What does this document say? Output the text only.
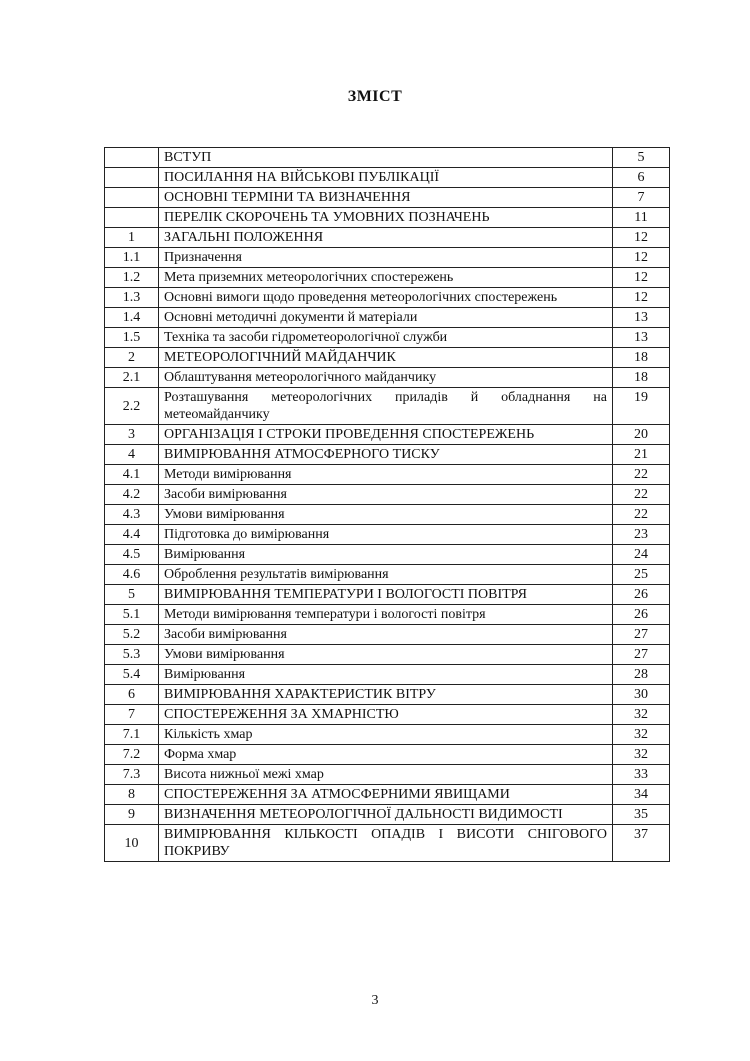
ЗМІСТ
	ВСТУП	5
	ПОСИЛАННЯ НА ВІЙСЬКОВІ ПУБЛІКАЦІЇ	6
	ОСНОВНІ ТЕРМІНИ ТА ВИЗНАЧЕННЯ	7
	ПЕРЕЛІК СКОРОЧЕНЬ ТА УМОВНИХ ПОЗНАЧЕНЬ	11
1	ЗАГАЛЬНІ ПОЛОЖЕННЯ	12
1.1	Призначення	12
1.2	Мета приземних метеорологічних спостережень	12
1.3	Основні вимоги щодо проведення метеорологічних спостережень	12
1.4	Основні методичні документи й матеріали	13
1.5	Техніка та засоби гідрометеорологічної служби	13
2	МЕТЕОРОЛОГІЧНИЙ МАЙДАНЧИК	18
2.1	Облаштування метеорологічного майданчику	18
2.2	Розташування метеорологічних приладів й обладнання на метеомайданчику	19
3	ОРГАНІЗАЦІЯ І СТРОКИ ПРОВЕДЕННЯ СПОСТЕРЕЖЕНЬ	20
4	ВИМІРЮВАННЯ АТМОСФЕРНОГО ТИСКУ	21
4.1	Методи вимірювання	22
4.2	Засоби вимірювання	22
4.3	Умови вимірювання	22
4.4	Підготовка до вимірювання	23
4.5	Вимірювання	24
4.6	Оброблення результатів вимірювання	25
5	ВИМІРЮВАННЯ ТЕМПЕРАТУРИ І ВОЛОГОСТІ ПОВІТРЯ	26
5.1	Методи вимірювання температури і вологості повітря	26
5.2	Засоби вимірювання	27
5.3	Умови вимірювання	27
5.4	Вимірювання	28
6	ВИМІРЮВАННЯ ХАРАКТЕРИСТИК ВІТРУ	30
7	СПОСТЕРЕЖЕННЯ ЗА ХМАРНІСТЮ	32
7.1	Кількість хмар	32
7.2	Форма хмар	32
7.3	Висота нижньої межі хмар	33
8	СПОСТЕРЕЖЕННЯ ЗА АТМОСФЕРНИМИ ЯВИЩАМИ	34
9	ВИЗНАЧЕННЯ МЕТЕОРОЛОГІЧНОЇ ДАЛЬНОСТІ ВИДИМОСТІ	35
10	ВИМІРЮВАННЯ КІЛЬКОСТІ ОПАДІВ І ВИСОТИ СНІГОВОГО ПОКРИВУ	37
3
